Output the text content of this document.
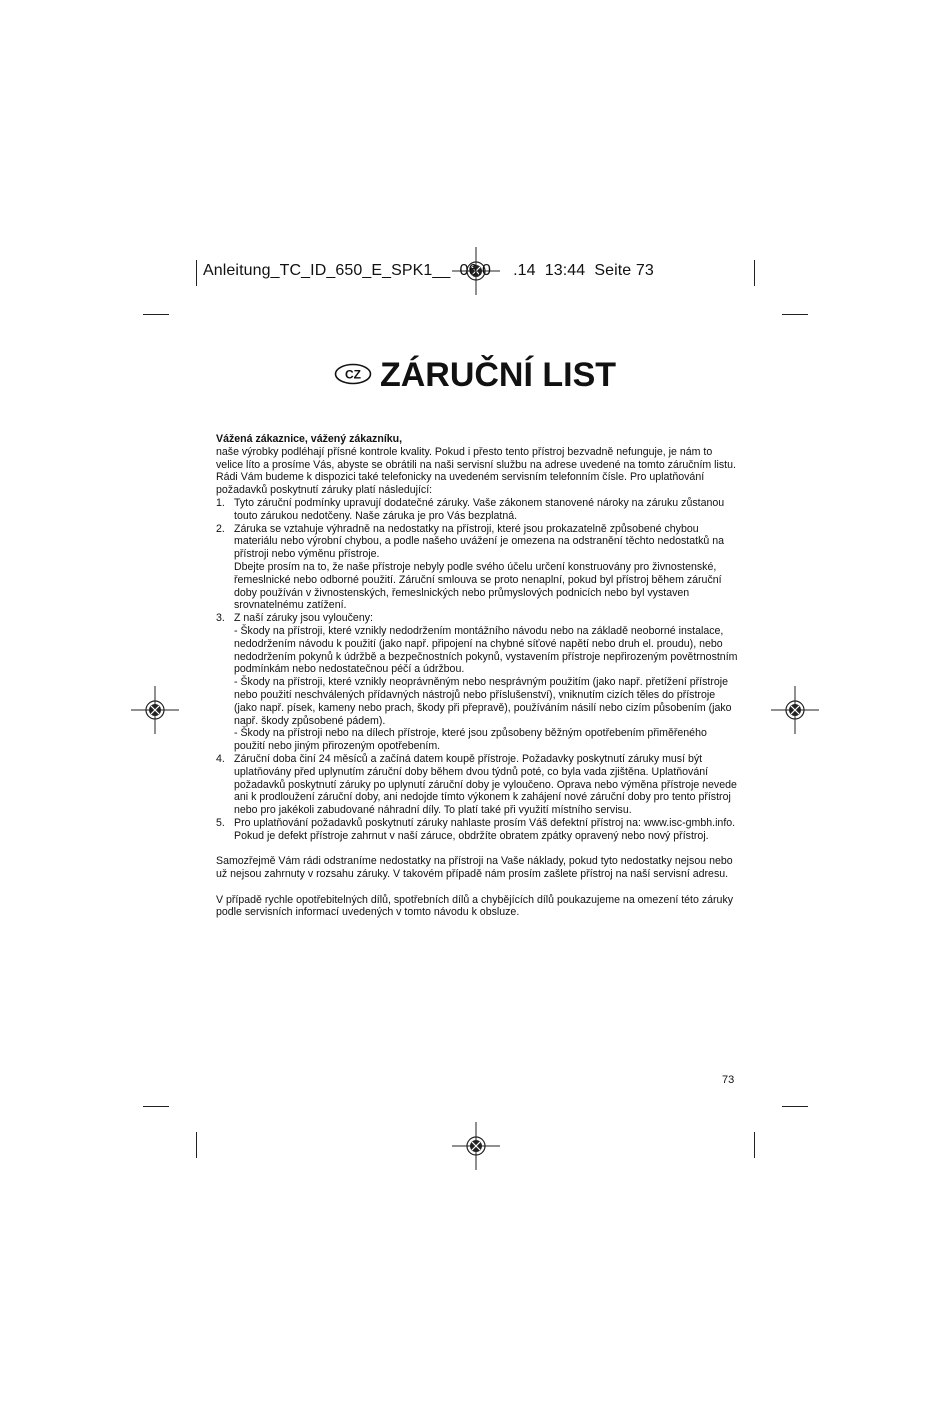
Anleitung_TC_ID_650_E_SPK1__  06.0 .14  13:44  Seite 73
CZ ZÁRUČNÍ LIST

Vážená zákaznice, vážený zákazníku,

naše výrobky podléhají přísné kontrole kvality. Pokud i přesto tento přístroj bezvadně nefunguje, je nám to velice líto a prosíme Vás, abyste se obrátili na naši servisní službu na adrese uvedené na tomto záručním listu. Rádi Vám budeme k dispozici také telefonicky na uvedeném servisním telefonním čísle. Pro uplatňování požadavků poskytnutí záruky platí následující:

1. Tyto záruční podmínky upravují dodatečné záruky. Vaše zákonem stanovené nároky na záruku zůstanou touto zárukou nedotčeny. Naše záruka je pro Vás bezplatná.

2. Záruka se vztahuje výhradně na nedostatky na přístroji, které jsou prokazatelně způsobené chybou materiálu nebo výrobní chybou, a podle našeho uvážení je omezena na odstranění těchto nedostatků na přístroji nebo výměnu přístroje.

Dbejte prosím na to, že naše přístroje nebyly podle svého účelu určení konstruovány pro živnostenské, řemeslnické nebo odborné použití. Záruční smlouva se proto nenaplní, pokud byl přístroj během záruční doby používán v živnostenských, řemeslnických nebo průmyslových podnicích nebo byl vystaven srovnatelnému zatížení.

3. Z naší záruky jsou vyloučeny:

- Škody na přístroji, které vznikly nedodržením montážního návodu nebo na základě neoborné instalace, nedodržením návodu k použití (jako např. připojení na chybné síťové napětí nebo druh el. proudu), nebo nedodržením pokynů k údržbě a bezpečnostních pokynů, vystavením přístroje nepřirozeným povětrnostním podmínkám nebo nedostatečnou péčí a údržbou.

- Škody na přístroji, které vznikly neoprávněným nebo nesprávným použitím (jako např. přetížení přístroje nebo použití neschválených přídavných nástrojů nebo příslušenství), vniknutím cizích těles do přístroje (jako např. písek, kameny nebo prach, škody při přepravě), používáním násilí nebo cizím působením (jako např. škody způsobené pádem).

- Škody na přístroji nebo na dílech přístroje, které jsou způsobeny běžným opotřebením přiměřeného použití nebo jiným přirozeným opotřebením.

4. Záruční doba činí 24 měsíců a začíná datem koupě přístroje. Požadavky poskytnutí záruky musí být uplatňovány před uplynutím záruční doby během dvou týdnů poté, co byla vada zjištěna. Uplatňování požadavků poskytnutí záruky po uplynutí záruční doby je vyloučeno. Oprava nebo výměna přístroje nevede ani k prodloužení záruční doby, ani nedojde tímto výkonem k zahájení nové záruční doby pro tento přístroj nebo pro jakékoli zabudované náhradní díly. To platí také při využití místního servisu.

5. Pro uplatňování požadavků poskytnutí záruky nahlaste prosím Váš defektní přístroj na: www.isc-gmbh.info. Pokud je defekt přístroje zahrnut v naší záruce, obdržíte obratem zpátky opravený nebo nový přístroj.

Samozřejmě Vám rádi odstraníme nedostatky na přístroji na Vaše náklady, pokud tyto nedostatky nejsou nebo už nejsou zahrnuty v rozsahu záruky. V takovém případě nám prosím zašlete přístroj na naší servisní adresu.

V případě rychle opotřebitelných dílů, spotřebních dílů a chybějících dílů poukazujeme na omezení této záruky podle servisních informací uvedených v tomto návodu k obsluze.

73
